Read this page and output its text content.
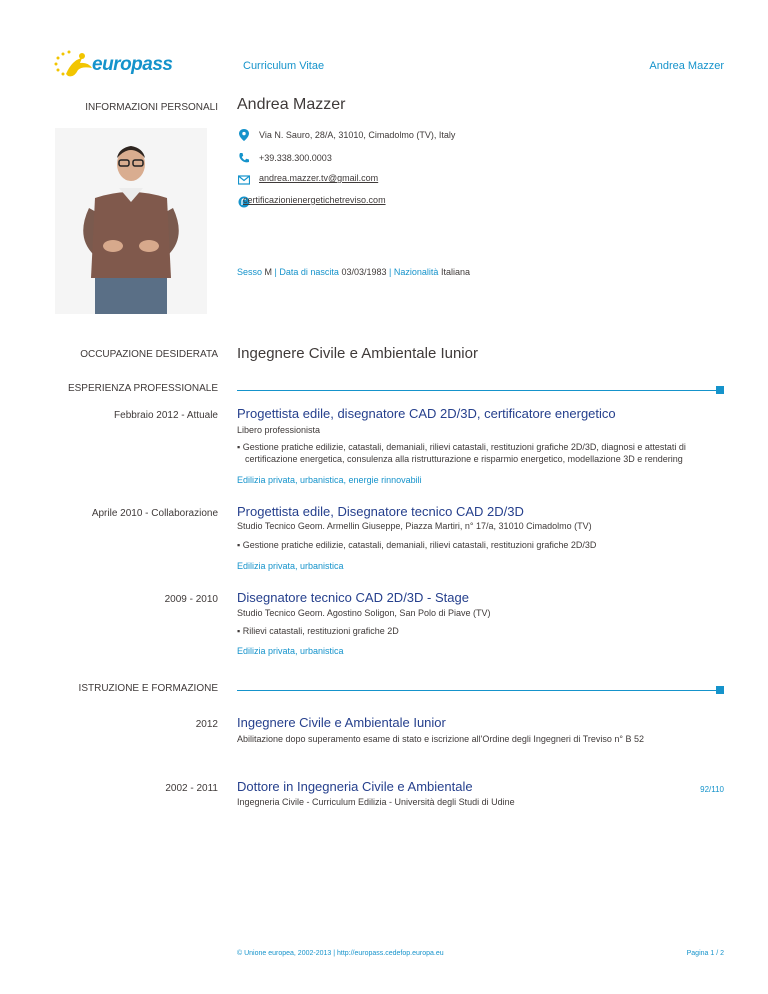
europass	Curriculum Vitae	Andrea Mazzer
INFORMAZIONI PERSONALI Andrea Mazzer
Via N. Sauro, 28/A, 31010, Cimadolmo (TV), Italy
+39.338.300.0003
andrea.mazzer.tv@gmail.com
certificazionienergetichetreviso.com
Sesso M | Data di nascita 03/03/1983 | Nazionalità Italiana
OCCUPAZIONE DESIDERATA Ingegnere Civile e Ambientale Iunior
ESPERIENZA PROFESSIONALE
Febbraio 2012 - Attuale Progettista edile, disegnatore CAD 2D/3D, certificatore energetico
Libero professionista
▪ Gestione pratiche edilizie, catastali, demaniali, rilievi catastali, restituzioni grafiche 2D/3D, diagnosi e attestati di
certificazione energetica, consulenza alla ristrutturazione e risparmio energetico, modellazione 3D e rendering
Edilizia privata, urbanistica, energie rinnovabili
Aprile 2010 - Collaborazione Progettista edile, Disegnatore tecnico CAD 2D/3D
Studio Tecnico Geom. Armellin Giuseppe, Piazza Martiri, n° 17/a, 31010 Cimadolmo (TV)
▪ Gestione pratiche edilizie, catastali, demaniali, rilievi catastali, restituzioni grafiche 2D/3D
Edilizia privata, urbanistica
2009 - 2010 Disegnatore tecnico CAD 2D/3D - Stage
Studio Tecnico Geom. Agostino Soligon, San Polo di Piave (TV)
▪ Rilievi catastali, restituzioni grafiche 2D
Edilizia privata, urbanistica
ISTRUZIONE E FORMAZIONE
2012 Ingegnere Civile e Ambientale Iunior
Abilitazione dopo superamento esame di stato e iscrizione all'Ordine degli Ingegneri di Treviso n° B 52
2002 - 2011 Dottore in Ingegneria Civile e Ambientale	92/110
Ingegneria Civile - Curriculum Edilizia - Università degli Studi di Udine
© Unione europea, 2002-2013 | http://europass.cedefop.europa.eu	Pagina 1 / 2
